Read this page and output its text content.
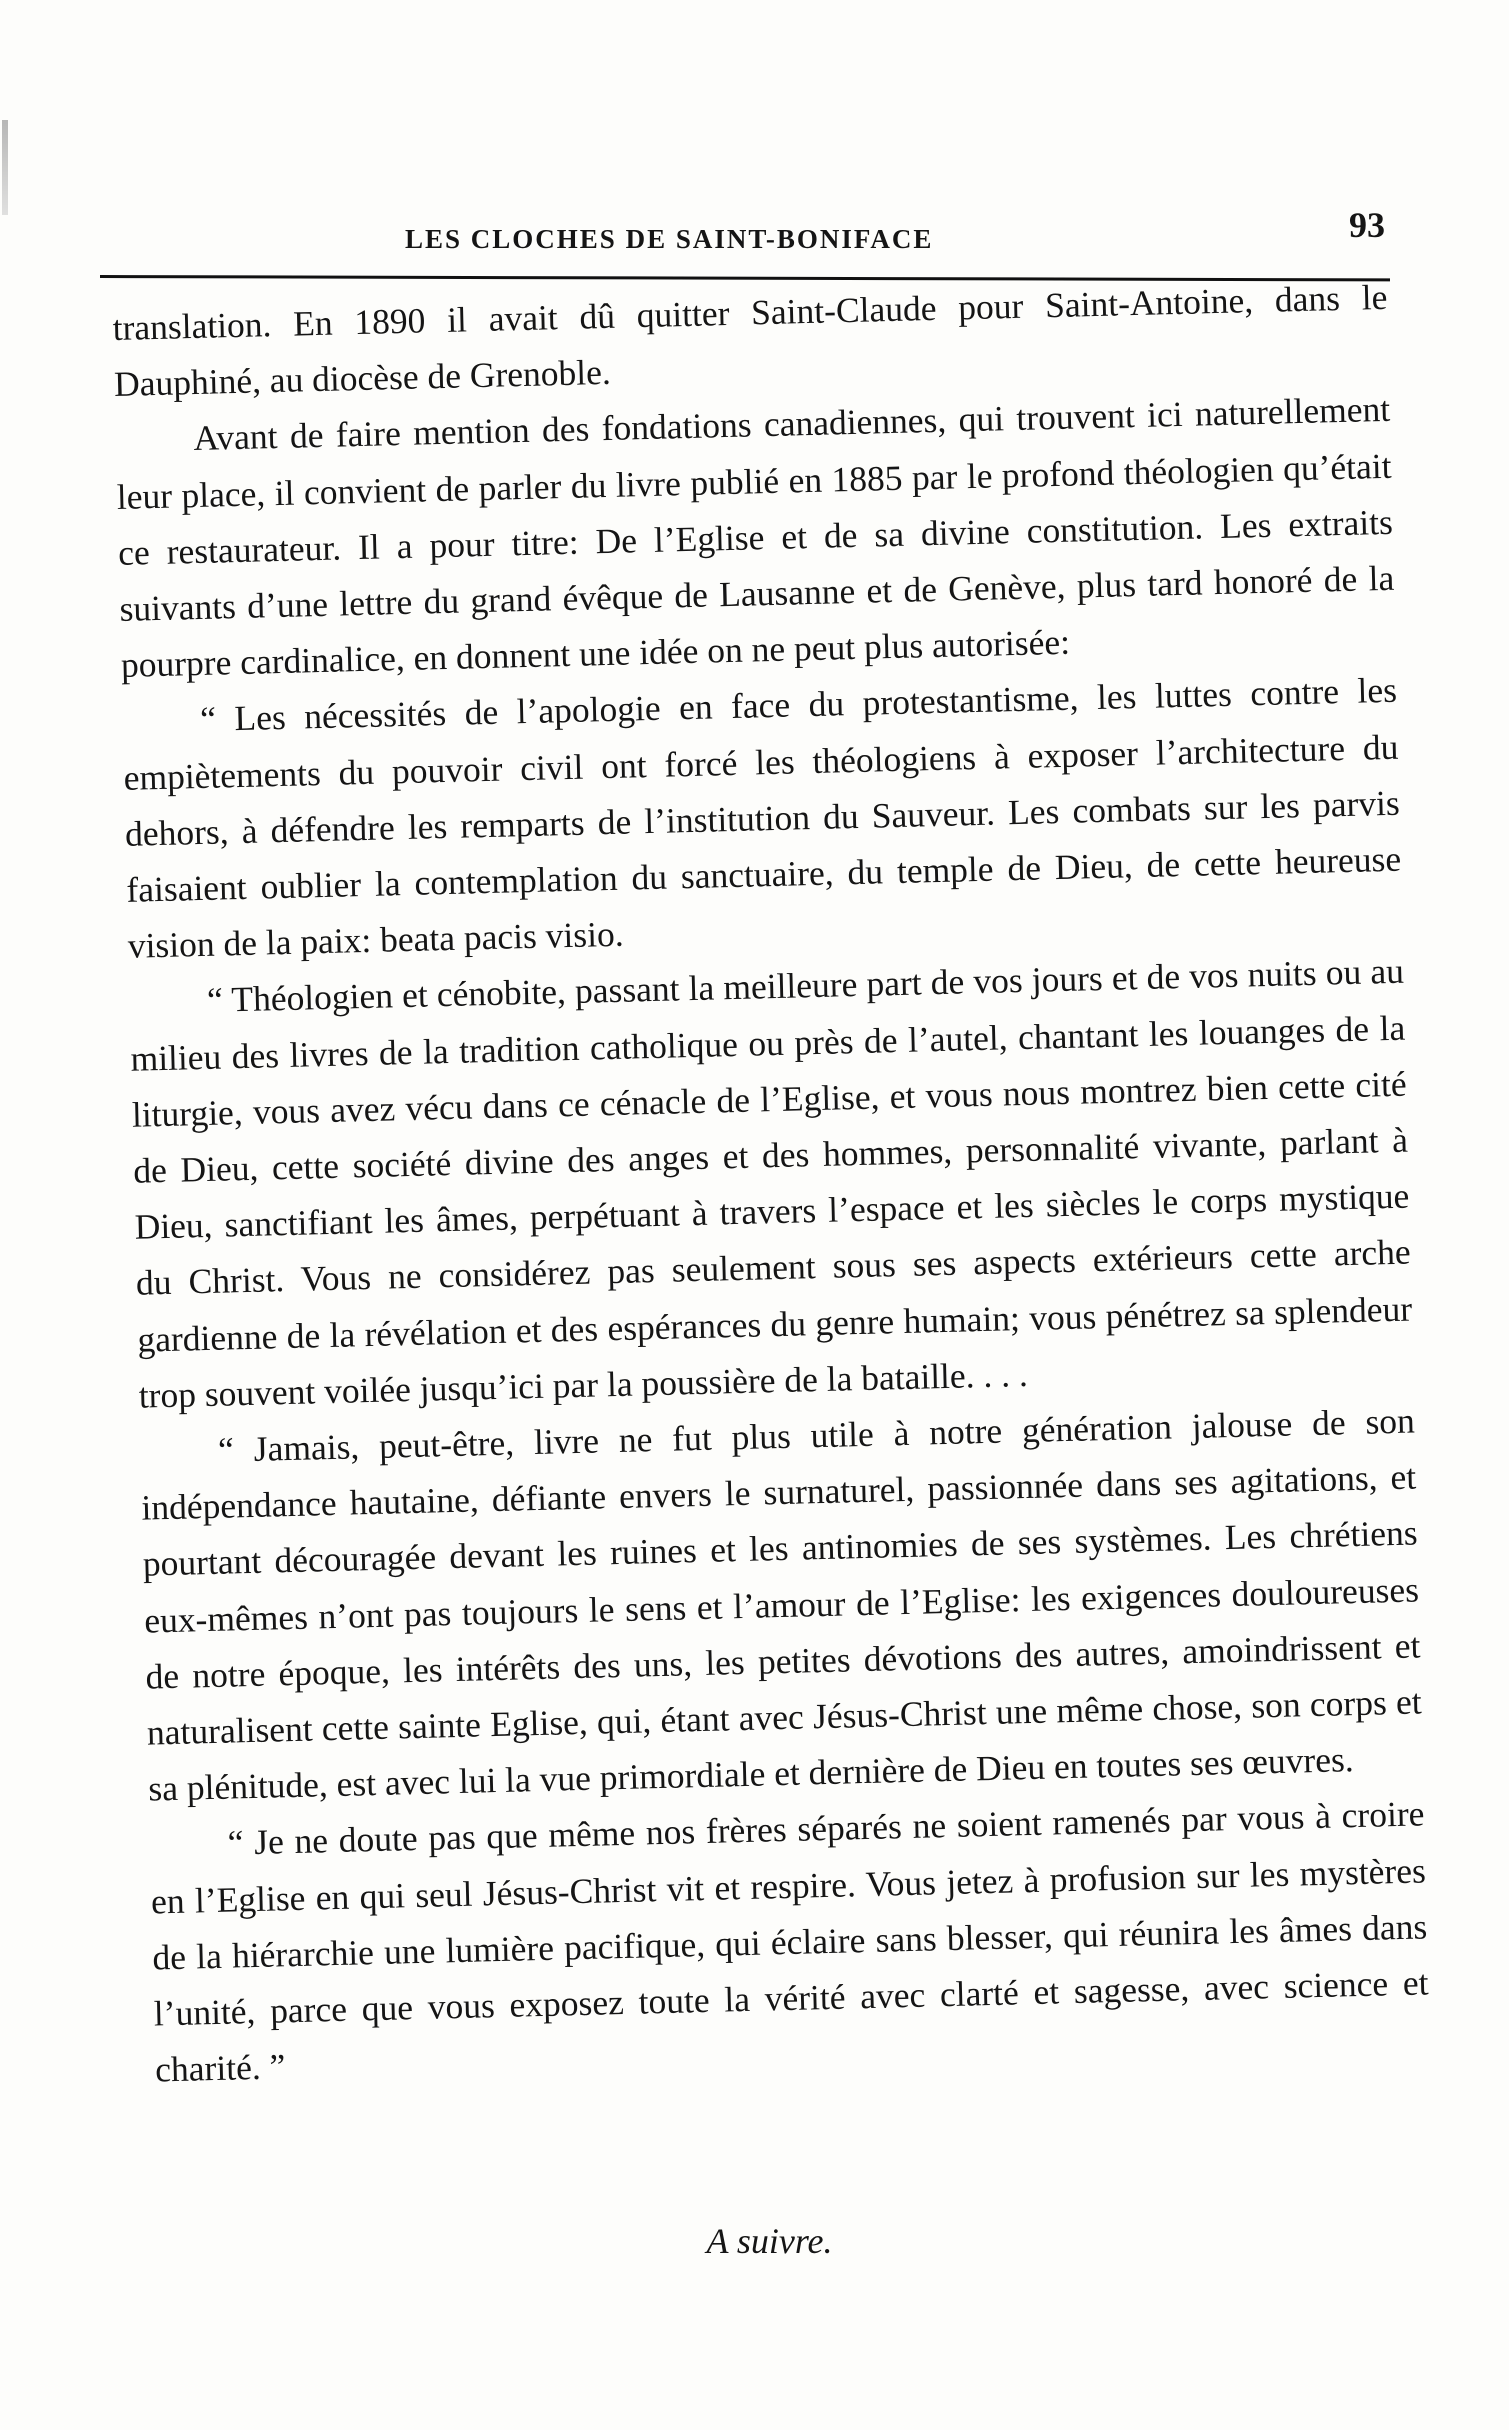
LES CLOCHES DE SAINT-BONIFACE	93

translation. En 1890 il avait dû quitter Saint-Claude pour Saint-Antoine, dans le Dauphiné, au diocèse de Grenoble.

Avant de faire mention des fondations canadiennes, qui trouvent ici naturellement leur place, il convient de parler du livre publié en 1885 par le profond théologien qu’était ce restaurateur. Il a pour titre: De l’Eglise et de sa divine constitution. Les extraits suivants d’une lettre du grand évêque de Lausanne et de Genève, plus tard honoré de la pourpre cardinalice, en donnent une idée on ne peut plus autorisée:

“ Les nécessités de l’apologie en face du protestantisme, les luttes contre les empiètements du pouvoir civil ont forcé les théologiens à exposer l’architecture du dehors, à défendre les remparts de l’institution du Sauveur. Les combats sur les parvis faisaient oublier la contemplation du sanctuaire, du temple de Dieu, de cette heureuse vision de la paix: beata pacis visio.

“ Théologien et cénobite, passant la meilleure part de vos jours et de vos nuits ou au milieu des livres de la tradition catholique ou près de l’autel, chantant les louanges de la liturgie, vous avez vécu dans ce cénacle de l’Eglise, et vous nous montrez bien cette cité de Dieu, cette société divine des anges et des hommes, personnalité vivante, parlant à Dieu, sanctifiant les âmes, perpétuant à travers l’espace et les siècles le corps mystique du Christ. Vous ne considérez pas seulement sous ses aspects extérieurs cette arche gardienne de la révélation et des espérances du genre humain; vous pénétrez sa splendeur trop souvent voilée jusqu’ici par la poussière de la bataille. . . .

“ Jamais, peut-être, livre ne fut plus utile à notre génération jalouse de son indépendance hautaine, défiante envers le surnaturel, passionnée dans ses agitations, et pourtant découragée devant les ruines et les antinomies de ses systèmes. Les chrétiens eux-mêmes n’ont pas toujours le sens et l’amour de l’Eglise: les exigences douloureuses de notre époque, les intérêts des uns, les petites dévotions des autres, amoindrissent et naturalisent cette sainte Eglise, qui, étant avec Jésus-Christ une même chose, son corps et sa plénitude, est avec lui la vue primordiale et dernière de Dieu en toutes ses œuvres.

“ Je ne doute pas que même nos frères séparés ne soient ramenés par vous à croire en l’Eglise en qui seul Jésus-Christ vit et respire. Vous jetez à profusion sur les mystères de la hiérarchie une lumière pacifique, qui éclaire sans blesser, qui réunira les âmes dans l’unité, parce que vous exposez toute la vérité avec clarté et sagesse, avec science et charité. ”

A suivre.
